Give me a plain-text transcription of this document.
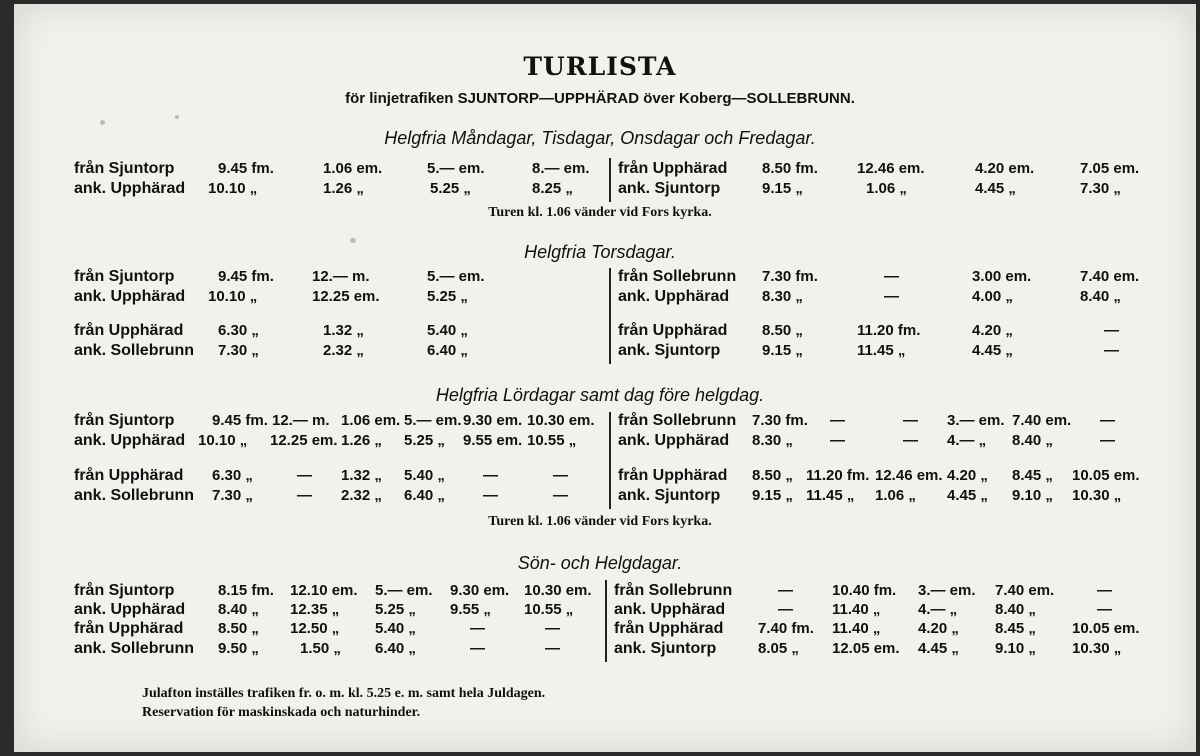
TURLISTA
för linjetrafiken SJUNTORP—UPPHÄRAD över Koberg—SOLLEBRUNN.
Helgfria Måndagar, Tisdagar, Onsdagar och Fredagar.
Turen kl. 1.06 vänder vid Fors kyrka.
Helgfria Torsdagar.
Helgfria Lördagar samt dag före helgdag.
Turen kl. 1.06 vänder vid Fors kyrka.
Sön- och Helgdagar.
från Sjuntorp	9.45 fm.	1.06 em.	5.— em.	8.— em. från Upphärad 8.50 fm.	12.46 em.	4.20 em.	7.05 em.
ank. Upphärad 10.10 „	1.26 „	5.25 „	8.25 „	ank. Sjuntorp	9.15 „	1.06 „	4.45 „	7.30 „
från Sjuntorp	9.45 fm.	12.— m.	5.— em.	från Sollebrunn 7.30 fm.	—	3.00 em.	7.40 em.
ank. Upphärad 10.10 „	12.25 em.	5.25 „	ank. Upphärad 8.30 „	—	4.00 „	8.40 „
från Upphärad 6.30 „	1.32 „	5.40 „	från Upphärad 8.50 „	11.20 fm.	4.20 „	—
ank. Sollebrunn 7.30 „	2.32 „	6.40 „	ank. Sjuntorp	9.15 „	11.45 „	4.45 „	—
från Sjuntorp	9.45 fm. 12.— m. 1.06 em. 5.— em. 9.30 em. 10.30 em. från Sollebrunn 7.30 fm. —	— 3.— em. 7.40 em. —
ank. Upphärad 10.10 „ 12.25 em. 1.26 „ 5.25 „ 9.55 em. 10.55 „	ank. Upphärad 8.30 „ —	— 4.— „ 8.40 „	—
från Upphärad 6.30 „	— 1.32 „ 5.40 „	—	—	från Upphärad 8.50 „ 11.20 fm. 12.46 em. 4.20 „ 8.45 „ 10.05 em.
ank. Sollebrunn 7.30 „	— 2.32 „ 6.40 „	—	—	ank. Sjuntorp 9.15 „ 11.45 „ 1.06 „ 4.45 „ 9.10 „ 10.30 „
från Sjuntorp	8.15 fm. 12.10 em. 5.— em. 9.30 em. 10.30 em. från Sollebrunn	—	10.40 fm. 3.— em. 7.40 em.	—
ank. Upphärad 8.40 „ 12.35 „ 5.25 „ 9.55 „ 10.55 „	ank. Upphärad	—	11.40 „	4.— „	8.40 „	—
från Upphärad 8.50 „ 12.50 „ 5.40 „	—	—	från Upphärad 7.40 fm. 11.40 „	4.20 „ 8.45 „ 10.05 em.
ank. Sollebrunn 9.50 „	1.50 „ 6.40 „	—	—	ank. Sjuntorp	8.05 „ 12.05 em. 4.45 „ 9.10 „ 10.30 „
Julafton inställes trafiken fr. o. m. kl. 5.25 e. m. samt hela Juldagen.
Reservation för maskinskada och naturhinder.
